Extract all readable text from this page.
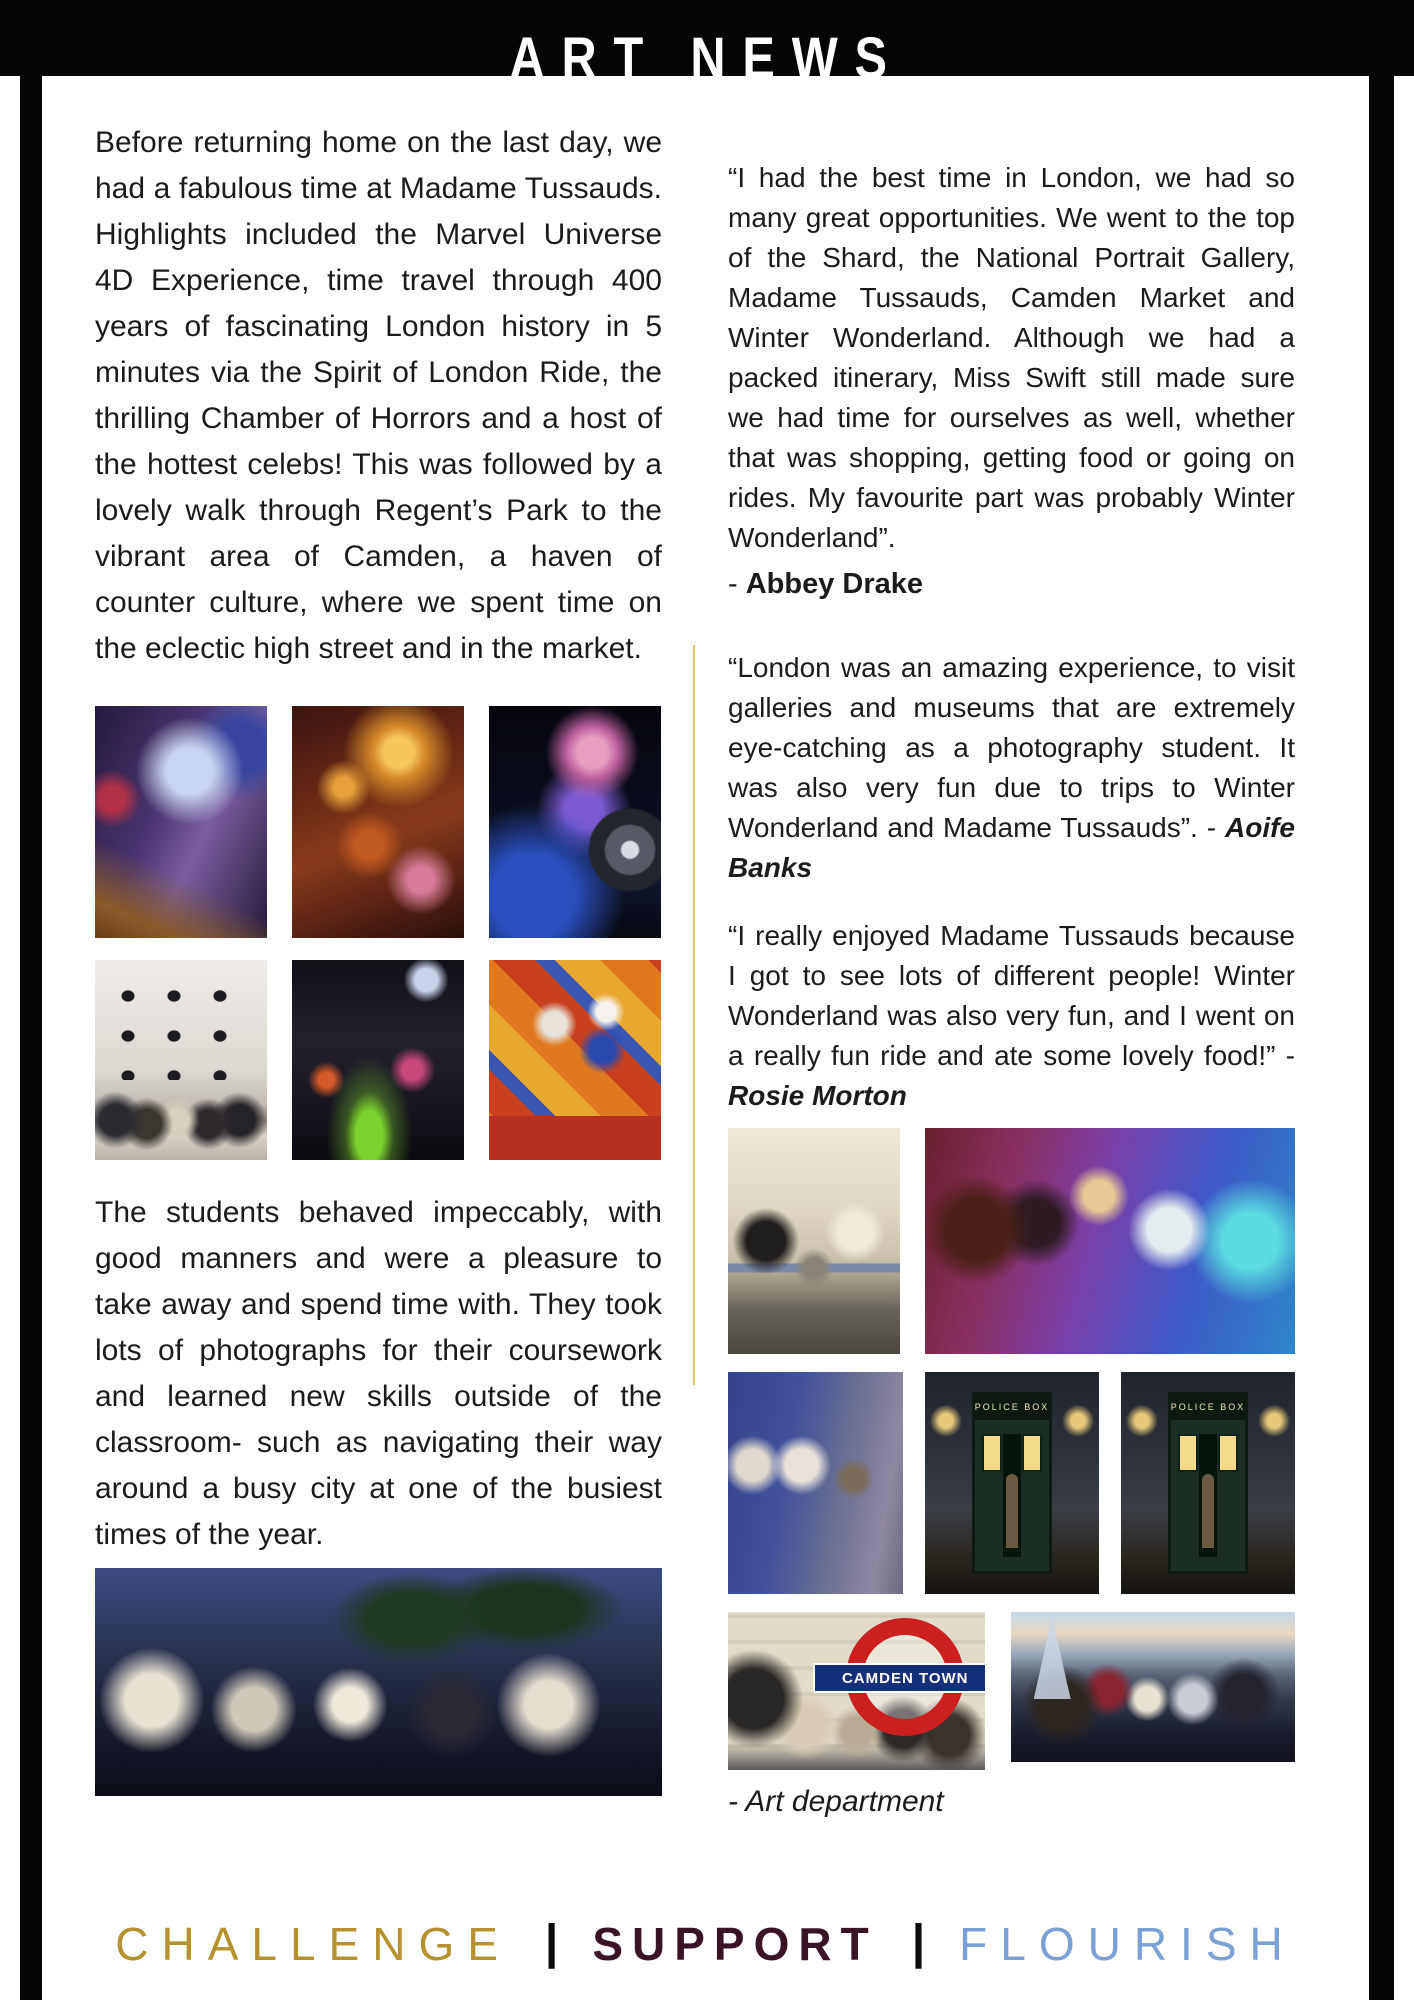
ART NEWS

Before returning home on the last day, we had a fabulous time at Madame Tussauds. Highlights included the Marvel Universe 4D Experience, time travel through 400 years of fascinating London history in 5 minutes via the Spirit of London Ride, the thrilling Chamber of Horrors and a host of the hottest celebs! This was followed by a lovely walk through Regent’s Park to the vibrant area of Camden, a haven of counter culture, where we spent time on the eclectic high street and in the market.

The students behaved impeccably, with good manners and were a pleasure to take away and spend time with. They took lots of photographs for their coursework and learned new skills outside of the classroom- such as navigating their way around a busy city at one of the busiest times of the year.

“I had the best time in London, we had so many great opportunities. We went to the top of the Shard, the National Portrait Gallery, Madame Tussauds, Camden Market and Winter Wonderland. Although we had a packed itinerary, Miss Swift still made sure we had time for ourselves as well, whether that was shopping, getting food or going on rides. My favourite part was probably Winter Wonderland”.

- Abbey Drake

“London was an amazing experience, to visit galleries and museums that are extremely eye-catching as a photography student. It was also very fun due to trips to Winter Wonderland and Madame Tussauds”. - Aoife Banks

“I really enjoyed Madame Tussauds because I got to see lots of different people! Winter Wonderland was also very fun, and I went on a really fun ride and ate some lovely food!” - Rosie Morton

POLICE BOX	POLICE BOX
CAMDEN TOWN

- Art department

CHALLENGE | SUPPORT | FLOURISH
